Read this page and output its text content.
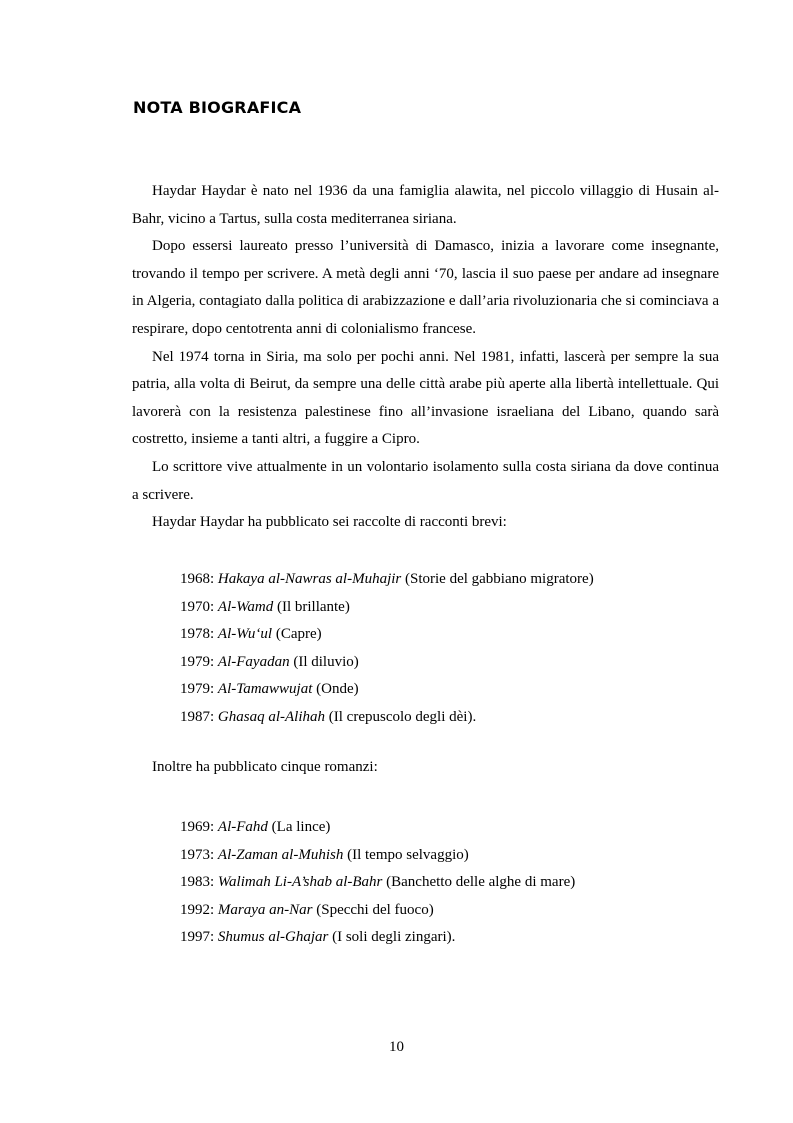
NOTA BIOGRAFICA

Haydar Haydar è nato nel 1936 da una famiglia alawita, nel piccolo villaggio di Husain al-Bahr, vicino a Tartus, sulla costa mediterranea siriana.

Dopo essersi laureato presso l’università di Damasco, inizia a lavorare come insegnante, trovando il tempo per scrivere. A metà degli anni ‘70, lascia il suo paese per andare ad insegnare in Algeria, contagiato dalla politica di arabizzazione e dall’aria rivoluzionaria che si cominciava a respirare, dopo centotrenta anni di colonialismo francese.

Nel 1974 torna in Siria, ma solo per pochi anni. Nel 1981, infatti, lascerà per sempre la sua patria, alla volta di Beirut, da sempre una delle città arabe più aperte alla libertà intellettuale. Qui lavorerà con la resistenza palestinese fino all’invasione israeliana del Libano, quando sarà costretto, insieme a tanti altri, a fuggire a Cipro.

Lo scrittore vive attualmente in un volontario isolamento sulla costa siriana da dove continua a scrivere.

Haydar Haydar ha pubblicato sei raccolte di racconti brevi:

1968: Hakaya al-Nawras al-Muhajir (Storie del gabbiano migratore)
1970: Al-Wamd (Il brillante)
1978: Al-Wu‘ul (Capre)
1979: Al-Fayadan (Il diluvio)
1979: Al-Tamawwujat (Onde)
1987: Ghasaq al-Alihah (Il crepuscolo degli dèi).
Inoltre ha pubblicato cinque romanzi:
1969: Al-Fahd (La lince)
1973: Al-Zaman al-Muhish (Il tempo selvaggio)
1983: Walimah Li-A’shab al-Bahr (Banchetto delle alghe di mare)
1992: Maraya an-Nar (Specchi del fuoco)
1997: Shumus al-Ghajar (I soli degli zingari).
10
